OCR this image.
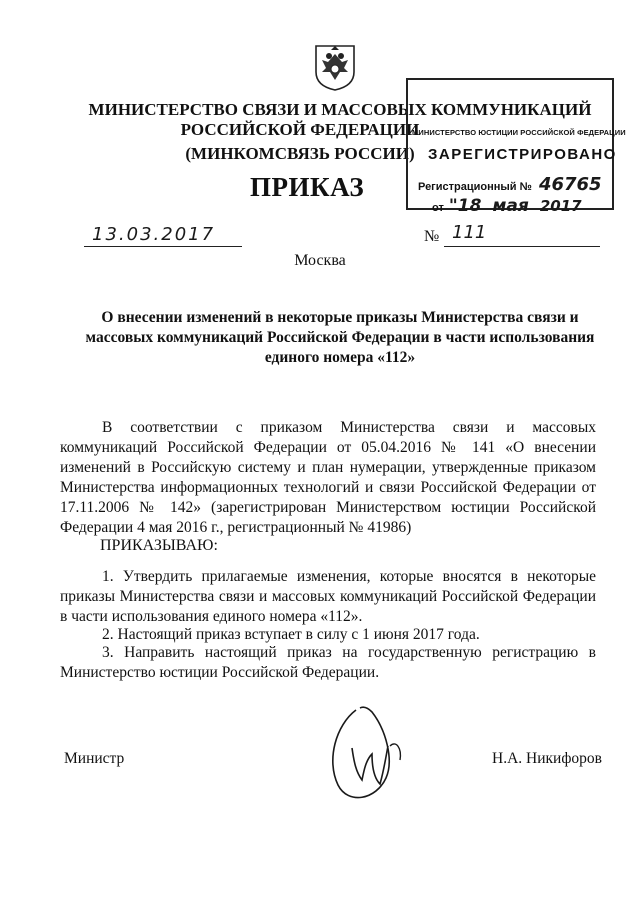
МИНИСТЕРСТВО СВЯЗИ И МАССОВЫХ КОММУНИКАЦИЙ
РОССИЙСКОЙ ФЕДЕРАЦИИ
(МИНКОМСВЯЗЬ РОССИИ)
МИНИСТЕРСТВО ЮСТИЦИИ РОССИЙСКОЙ ФЕДЕРАЦИИ
ЗАРЕГИСТРИРОВАНО
Регистрационный № 46765
от "18 мая 2017
ПРИКАЗ
13.03.2017	№ 111
Москва
О внесении изменений в некоторые приказы Министерства связи и
массовых коммуникаций Российской Федерации в части использования
единого номера «112»
В соответствии с приказом Министерства связи и массовых коммуникаций Российской Федерации от 05.04.2016 № 141 «О внесении изменений в Российскую систему и план нумерации, утвержденные приказом Министерства информационных технологий и связи Российской Федерации от 17.11.2006 № 142» (зарегистрирован Министерством юстиции Российской Федерации 4 мая 2016 г., регистрационный № 41986)
ПРИКАЗЫВАЮ:
1. Утвердить прилагаемые изменения, которые вносятся в некоторые приказы Министерства связи и массовых коммуникаций Российской Федерации в части использования единого номера «112».
2. Настоящий приказ вступает в силу с 1 июня 2017 года.
3. Направить настоящий приказ на государственную регистрацию в Министерство юстиции Российской Федерации.
Министр	Н.А. Никифоров
